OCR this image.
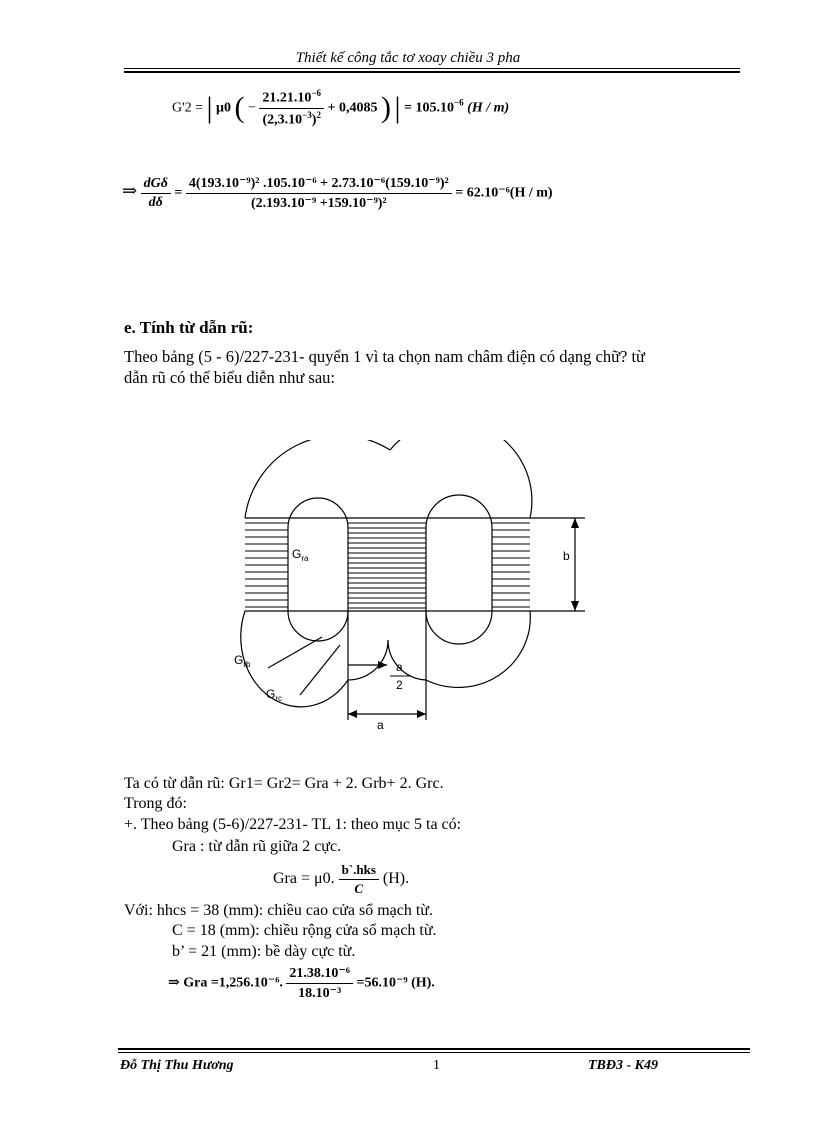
Thiết kế công tắc tơ xoay chiều 3 pha
G'2 = | μ0 ( − $\frac{21.21.10^{-6}}{(2,3.10^{-3})^2} + 0,4085$ ) | = $105.10^{-6}$ (H / m)
⇒ $\frac{\text{dGδ}}{d\delta} = \frac{\text{4(193.10⁻⁹)² .105.10⁻⁶ + 2.73.10⁻⁶(159.10⁻⁹)²}}{\text{(2.193.10⁻⁹ +159.10⁻⁹)²}} = 62.10^{-6}(H / m)$
e. Tính từ dẫn rũ:
Theo bảng (5 - 6)/227-231- quyển 1 vì ta chọn nam châm điện có dạng chữ? từ
dẫn rũ có thể biểu diễn như sau:
$G_{ra}$
$G_{rb}$
$G_{rc}$
b
a
2
a
Ta có từ dẫn rũ: Gr1= Gr2= Gra + 2. Grb+ 2. Grc.
Trong đó:
+. Theo bảng (5-6)/227-231- TL 1: theo mục 5 ta có:
Gra : từ dẫn rũ giữa 2 cực.
Gra = μ0. $\frac{\text{b`.hks}}{C} (H)$.
Với: hhcs = 38 (mm): chiều cao cửa sổ mạch từ.
C = 18 (mm): chiều rộng cửa sổ mạch từ.
b’ = 21 (mm): bề dày cực từ.
⇒ Gra =1,256.10⁻⁶. $\frac{\text{21.38.10⁻⁶}}{\text{18.10⁻³}} =56.10^{-9}$ (H).
Đỗ Thị Thu Hương	1	TBĐ3 - K49
